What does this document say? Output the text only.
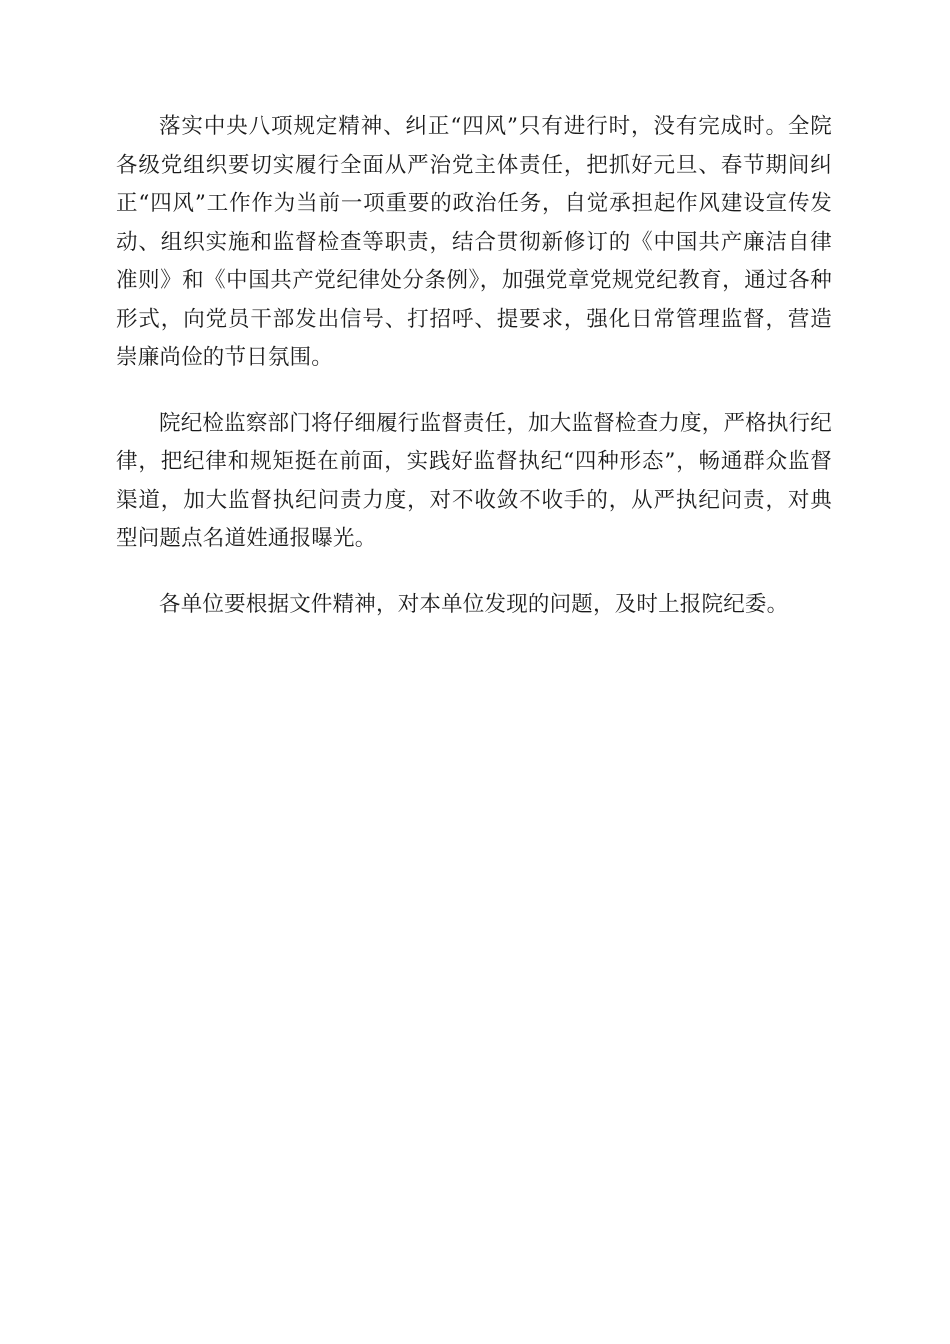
落实中央八项规定精神、纠正“四风”只有进行时，没有完成时。全院各级党组织要切实履行全面从严治党主体责任，把抓好元旦、春节期间纠正“四风”工作作为当前一项重要的政治任务，自觉承担起作风建设宣传发动、组织实施和监督检查等职责，结合贯彻新修订的《中国共产廉洁自律准则》和《中国共产党纪律处分条例》，加强党章党规党纪教育，通过各种形式，向党员干部发出信号、打招呼、提要求，强化日常管理监督，营造崇廉尚俭的节日氛围。

院纪检监察部门将仔细履行监督责任，加大监督检查力度，严格执行纪律，把纪律和规矩挺在前面，实践好监督执纪“四种形态”，畅通群众监督渠道，加大监督执纪问责力度，对不收敛不收手的，从严执纪问责，对典型问题点名道姓通报曝光。

各单位要根据文件精神，对本单位发现的问题，及时上报院纪委。
